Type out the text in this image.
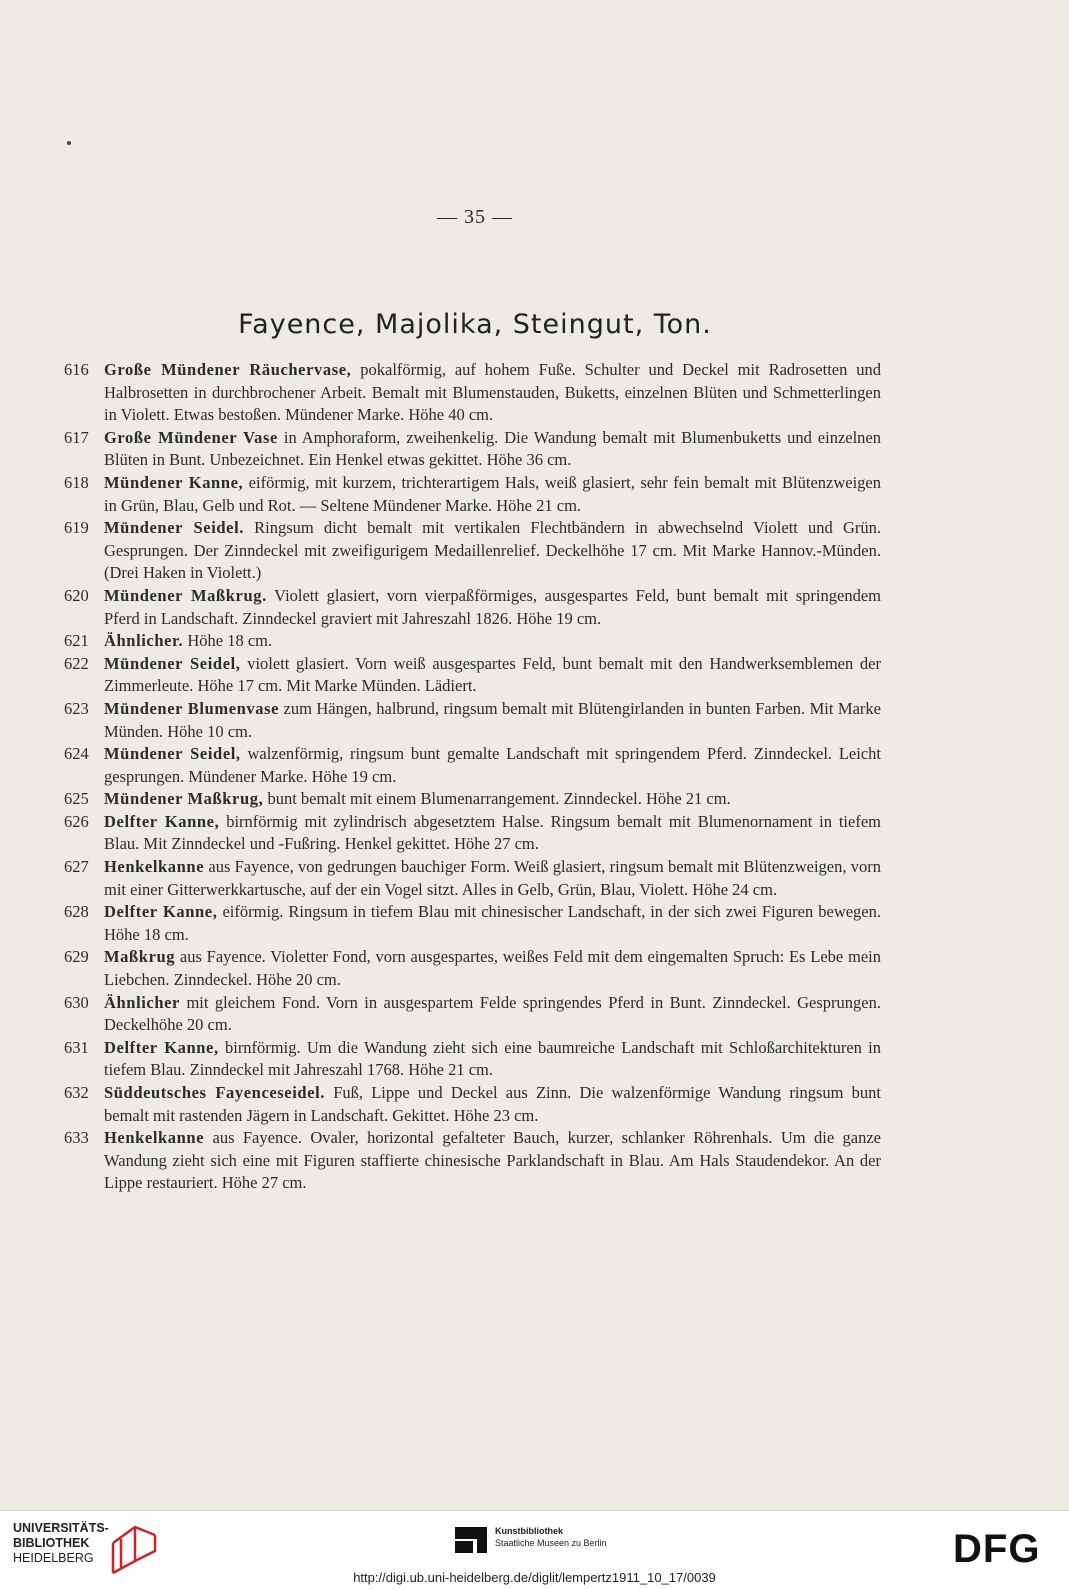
— 35 —
Fayence, Majolika, Steingut, Ton.

616 Große Mündener Räuchervase, pokalförmig, auf hohem Fuße. Schulter und Deckel mit Radrosetten und Halbrosetten in durchbrochener Arbeit. Bemalt mit Blumenstauden, Buketts, einzelnen Blüten und Schmetterlingen in Violett. Etwas bestoßen. Mündener Marke. Höhe 40 cm.

617 Große Mündener Vase in Amphoraform, zweihenkelig. Die Wandung bemalt mit Blumenbuketts und einzelnen Blüten in Bunt. Unbezeichnet. Ein Henkel etwas gekittet. Höhe 36 cm.

618 Mündener Kanne, eiförmig, mit kurzem, trichterartigem Hals, weiß glasiert, sehr fein bemalt mit Blütenzweigen in Grün, Blau, Gelb und Rot. — Seltene Mündener Marke. Höhe 21 cm.

619 Mündener Seidel. Ringsum dicht bemalt mit vertikalen Flechtbändern in abwechselnd Violett und Grün. Gesprungen. Der Zinndeckel mit zweifigurigem Medaillenrelief. Deckelhöhe 17 cm. Mit Marke Hannov.-Münden. (Drei Haken in Violett.)

620 Mündener Maßkrug. Violett glasiert, vorn vierpaßförmiges, ausgespartes Feld, bunt bemalt mit springendem Pferd in Landschaft. Zinndeckel graviert mit Jahreszahl 1826. Höhe 19 cm.

621 Ähnlicher. Höhe 18 cm.

622 Mündener Seidel, violett glasiert. Vorn weiß ausgespartes Feld, bunt bemalt mit den Handwerksemblemen der Zimmerleute. Höhe 17 cm. Mit Marke Münden. Lädiert.

623 Mündener Blumenvase zum Hängen, halbrund, ringsum bemalt mit Blütengirlanden in bunten Farben. Mit Marke Münden. Höhe 10 cm.

624 Mündener Seidel, walzenförmig, ringsum bunt gemalte Landschaft mit springendem Pferd. Zinndeckel. Leicht gesprungen. Mündener Marke. Höhe 19 cm.

625 Mündener Maßkrug, bunt bemalt mit einem Blumenarrangement. Zinndeckel. Höhe 21 cm.

626 Delfter Kanne, birnförmig mit zylindrisch abgesetztem Halse. Ringsum bemalt mit Blumenornament in tiefem Blau. Mit Zinndeckel und -Fußring. Henkel gekittet. Höhe 27 cm.

627 Henkelkanne aus Fayence, von gedrungen bauchiger Form. Weiß glasiert, ringsum bemalt mit Blütenzweigen, vorn mit einer Gitterwerkkartusche, auf der ein Vogel sitzt. Alles in Gelb, Grün, Blau, Violett. Höhe 24 cm.

628 Delfter Kanne, eiförmig. Ringsum in tiefem Blau mit chinesischer Landschaft, in der sich zwei Figuren bewegen. Höhe 18 cm.

629 Maßkrug aus Fayence. Violetter Fond, vorn ausgespartes, weißes Feld mit dem eingemalten Spruch: Es Lebe mein Liebchen. Zinndeckel. Höhe 20 cm.

630 Ähnlicher mit gleichem Fond. Vorn in ausgespartem Felde springendes Pferd in Bunt. Zinndeckel. Gesprungen. Deckelhöhe 20 cm.

631 Delfter Kanne, birnförmig. Um die Wandung zieht sich eine baumreiche Landschaft mit Schloßarchitekturen in tiefem Blau. Zinndeckel mit Jahreszahl 1768. Höhe 21 cm.

632 Süddeutsches Fayenceseidel. Fuß, Lippe und Deckel aus Zinn. Die walzenförmige Wandung ringsum bunt bemalt mit rastenden Jägern in Landschaft. Gekittet. Höhe 23 cm.

633 Henkelkanne aus Fayence. Ovaler, horizontal gefalteter Bauch, kurzer, schlanker Röhrenhals. Um die ganze Wandung zieht sich eine mit Figuren staffierte chinesische Parklandschaft in Blau. Am Hals Staudendekor. An der Lippe restauriert. Höhe 27 cm.

UNIVERSITÄTS-
BIBLIOTHEK
HEIDELBERG
Kunstbibliothek
Staatliche Museen zu Berlin	DFG
http://digi.ub.uni-heidelberg.de/diglit/lempertz1911_10_17/0039
